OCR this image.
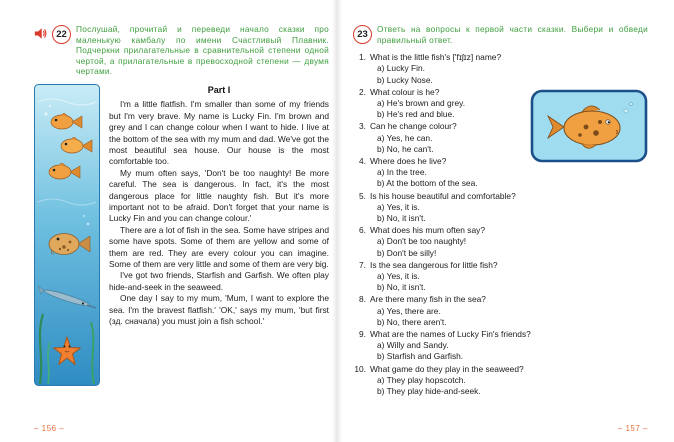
22 Послушай, прочитай и переведи начало сказки про маленькую камбалу по имени Счастливый Плавник. Подчеркни прилагательные в сравнительной степени одной чертой, а прилагательные в превосходной степени — двумя чертами.
Part I

I'm a little flatfish. I'm smaller than some of my friends but I'm very brave. My name is Lucky Fin. I'm brown and grey and I can change colour when I want to hide. I live at the bottom of the sea with my mum and dad. We've got the most beautiful sea house. Our house is the most comfortable too.

My mum often says, 'Don't be too naughty! Be more careful. The sea is dangerous. In fact, it's the most dangerous place for little naughty fish. But it's more important not to be afraid. Don't forget that your name is Lucky Fin and you can change colour.'

There are a lot of fish in the sea. Some have stripes and some have spots. Some of them are yellow and some of them are red. They are every colour you can imagine. Some of them are very little and some of them are very big.

I've got two friends, Starfish and Garfish. We often play hide-and-seek in the seaweed.

One day I say to my mum, 'Mum, I want to explore the sea. I'm the bravest flatfish.' 'OK,' says my mum, 'but first (зд. сначала) you must join a fish school.'

– 156 –
23 Ответь на вопросы к первой части сказки. Выбери и обведи правильный ответ.
1. What is the little fish's ['fɪʃɪz] name?
a) Lucky Fin.
b) Lucky Nose.
2. What colour is he?
a) He's brown and grey.
b) He's red and blue.
3. Can he change colour?
a) Yes, he can.
b) No, he can't.
4. Where does he live?
a) In the tree.
b) At the bottom of the sea.
5. Is his house beautiful and comfortable?
a) Yes, it is.
b) No, it isn't.
6. What does his mum often say?
a) Don't be too naughty!
b) Don't be silly!
7. Is the sea dangerous for little fish?
a) Yes, it is.
b) No, it isn't.
8. Are there many fish in the sea?
a) Yes, there are.
b) No, there aren't.
9. What are the names of Lucky Fin's friends?
a) Willy and Sandy.
b) Starfish and Garfish.
10. What game do they play in the seaweed?
a) They play hopscotch.
b) They play hide-and-seek.
– 157 –
